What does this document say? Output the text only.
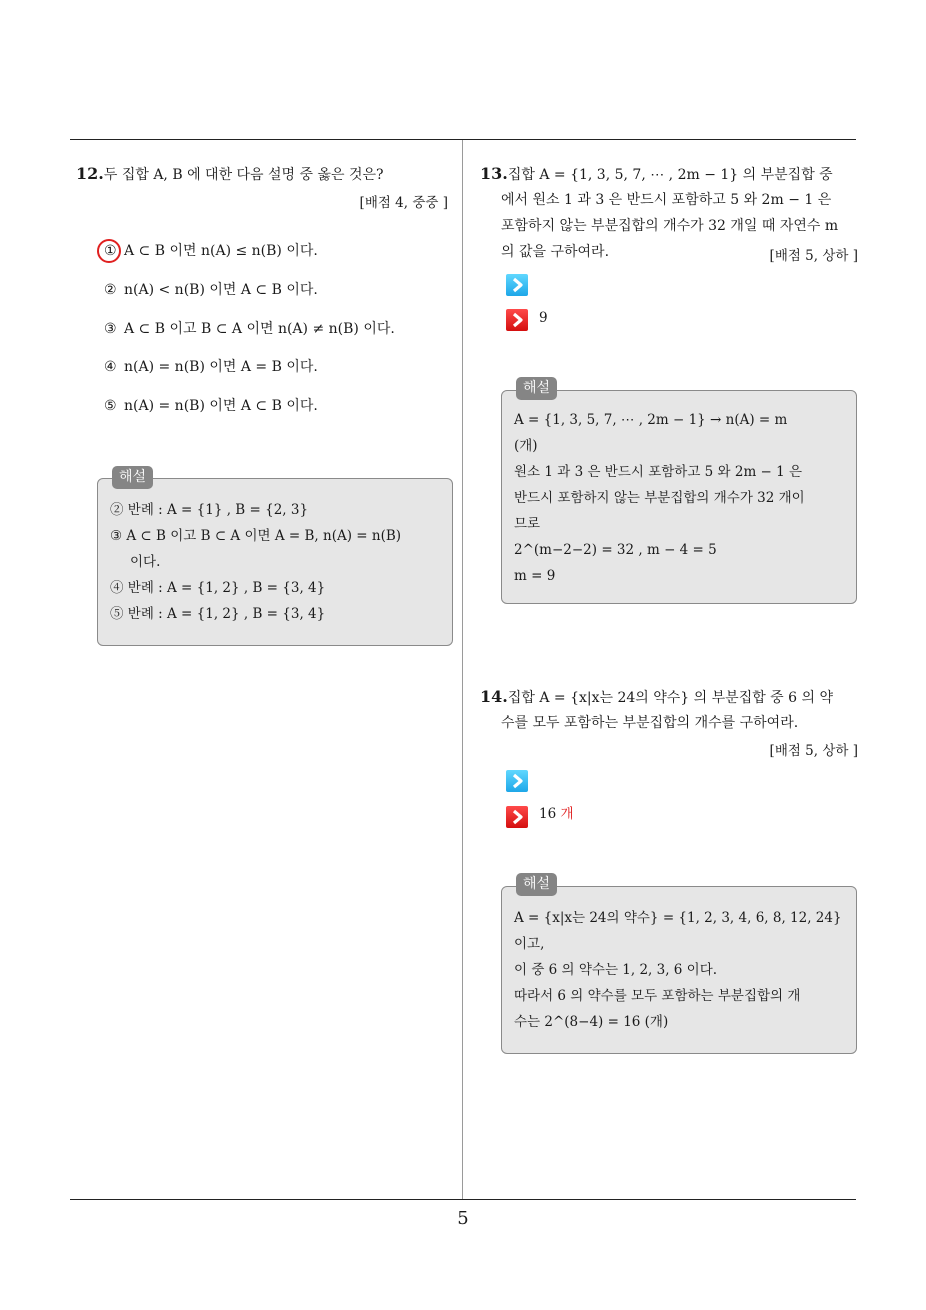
12.두 집합 A, B 에 대한 다음 설명 중 옳은 것은?
[배점 4, 중중 ]
① A ⊂ B 이면 n(A) ≤ n(B) 이다.
② n(A) < n(B) 이면 A ⊂ B 이다.
③ A ⊂ B 이고 B ⊂ A 이면 n(A) ≠ n(B) 이다.
④ n(A) = n(B) 이면 A = B 이다.
⑤ n(A) = n(B) 이면 A ⊂ B 이다.
② 반례 : A = {1} , B = {2, 3}
③ A ⊂ B 이고 B ⊂ A 이면 A = B, n(A) = n(B)
이다.
④ 반례 : A = {1, 2} , B = {3, 4}
⑤ 반례 : A = {1, 2} , B = {3, 4}
해설
13.집합 A = {1, 3, 5, 7, ⋯ , 2m − 1} 의 부분집합 중
에서 원소 1 과 3 은 반드시 포함하고 5 와 2m − 1 은
포함하지 않는 부분집합의 개수가 32 개일 때 자연수 m
의 값을 구하여라.	[배점 5, 상하 ]
9
A = {1, 3, 5, 7, ⋯ , 2m − 1} → n(A) = m
(개)
원소 1 과 3 은 반드시 포함하고 5 와 2m − 1 은
반드시 포함하지 않는 부분집합의 개수가 32 개이
므로
2^(m−2−2) = 32 , m − 4 = 5
m = 9
해설
14.집합 A = {x|x는 24의 약수} 의 부분집합 중 6 의 약
수를 모두 포함하는 부분집합의 개수를 구하여라.
[배점 5, 상하 ]
16 개
A = {x|x는 24의 약수} = {1, 2, 3, 4, 6, 8, 12, 24}
이고,
이 중 6 의 약수는 1, 2, 3, 6 이다.
따라서 6 의 약수를 모두 포함하는 부분집합의 개
수는 2^(8−4) = 16 (개)
해설
5
